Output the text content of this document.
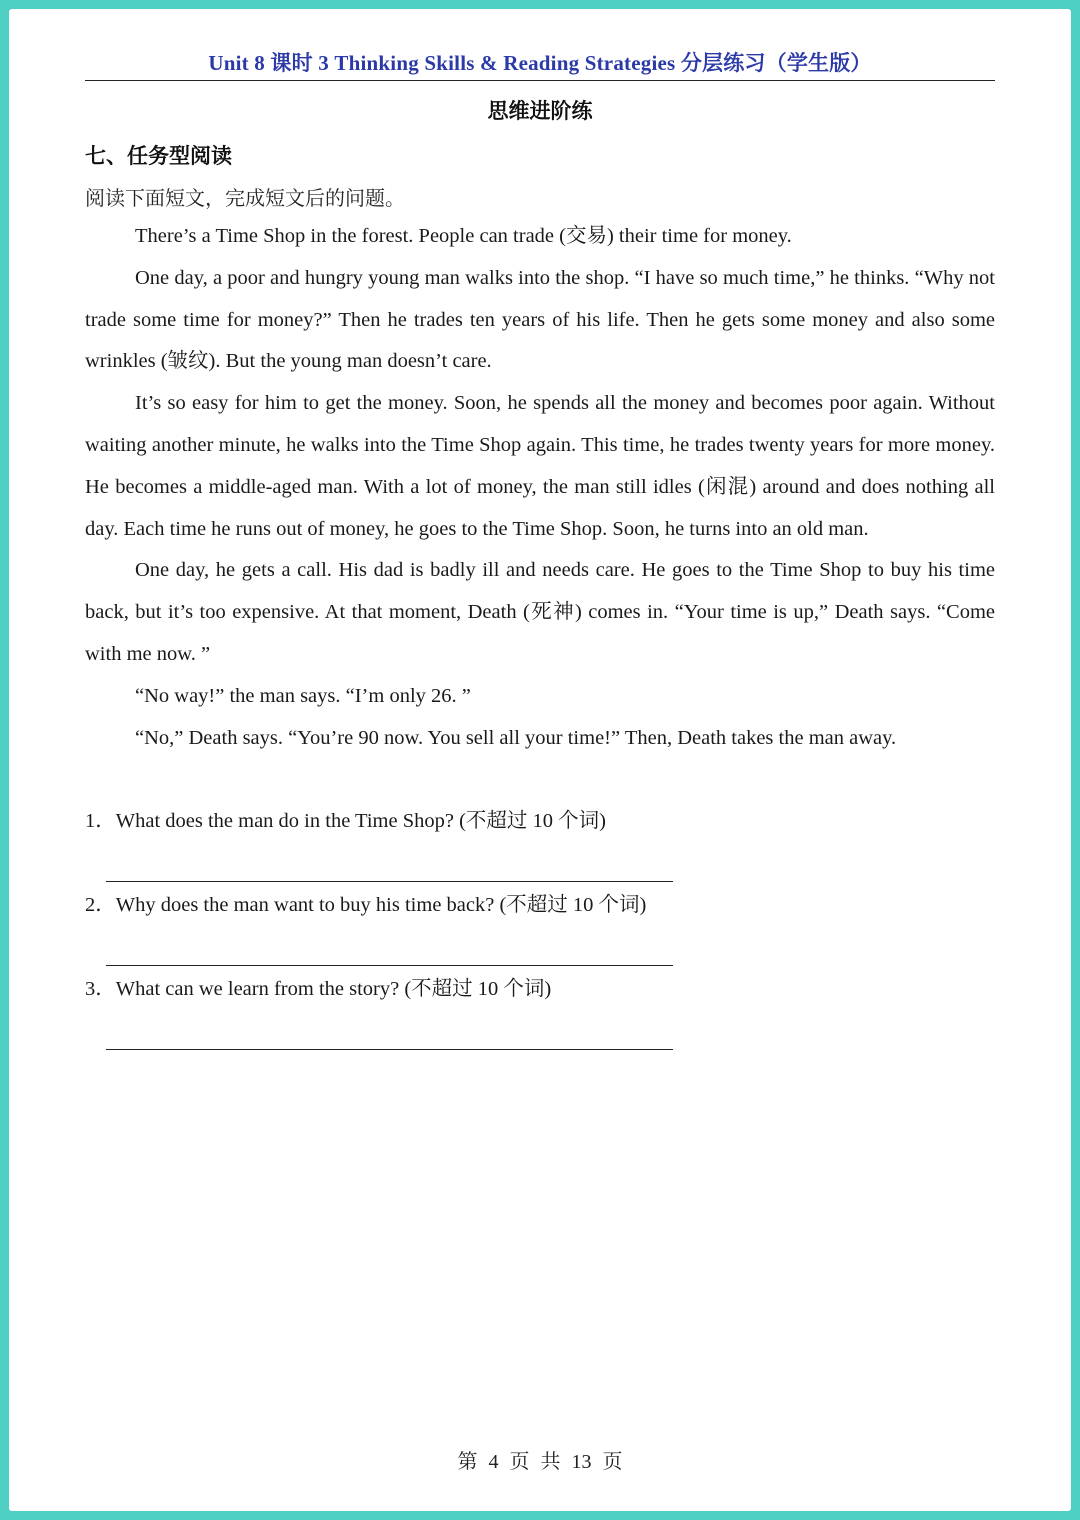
Unit 8 课时 3 Thinking Skills & Reading Strategies 分层练习（学生版）
思维进阶练
七、任务型阅读
阅读下面短文，完成短文后的问题。

There’s a Time Shop in the forest. People can trade (交易) their time for money.

One day, a poor and hungry young man walks into the shop. “I have so much time,” he thinks. “Why not trade some time for money?” Then he trades ten years of his life. Then he gets some money and also some wrinkles (皱纹). But the young man doesn’t care.

It’s so easy for him to get the money. Soon, he spends all the money and becomes poor again. Without waiting another minute, he walks into the Time Shop again. This time, he trades twenty years for more money. He becomes a middle-aged man. With a lot of money, the man still idles (闲混) around and does nothing all day. Each time he runs out of money, he goes to the Time Shop. Soon, he turns into an old man.

One day, he gets a call. His dad is badly ill and needs care. He goes to the Time Shop to buy his time back, but it’s too expensive. At that moment, Death (死神) comes in. “Your time is up,” Death says. “Come with me now. ”

“No way!” the man says. “I’m only 26. ”

“No,” Death says. “You’re 90 now. You sell all your time!” Then, Death takes the man away.

1．What does the man do in the Time Shop? (不超过 10 个词)
2．Why does the man want to buy his time back? (不超过 10 个词)
3．What can we learn from the story? (不超过 10 个词)
第 4 页 共 13 页
